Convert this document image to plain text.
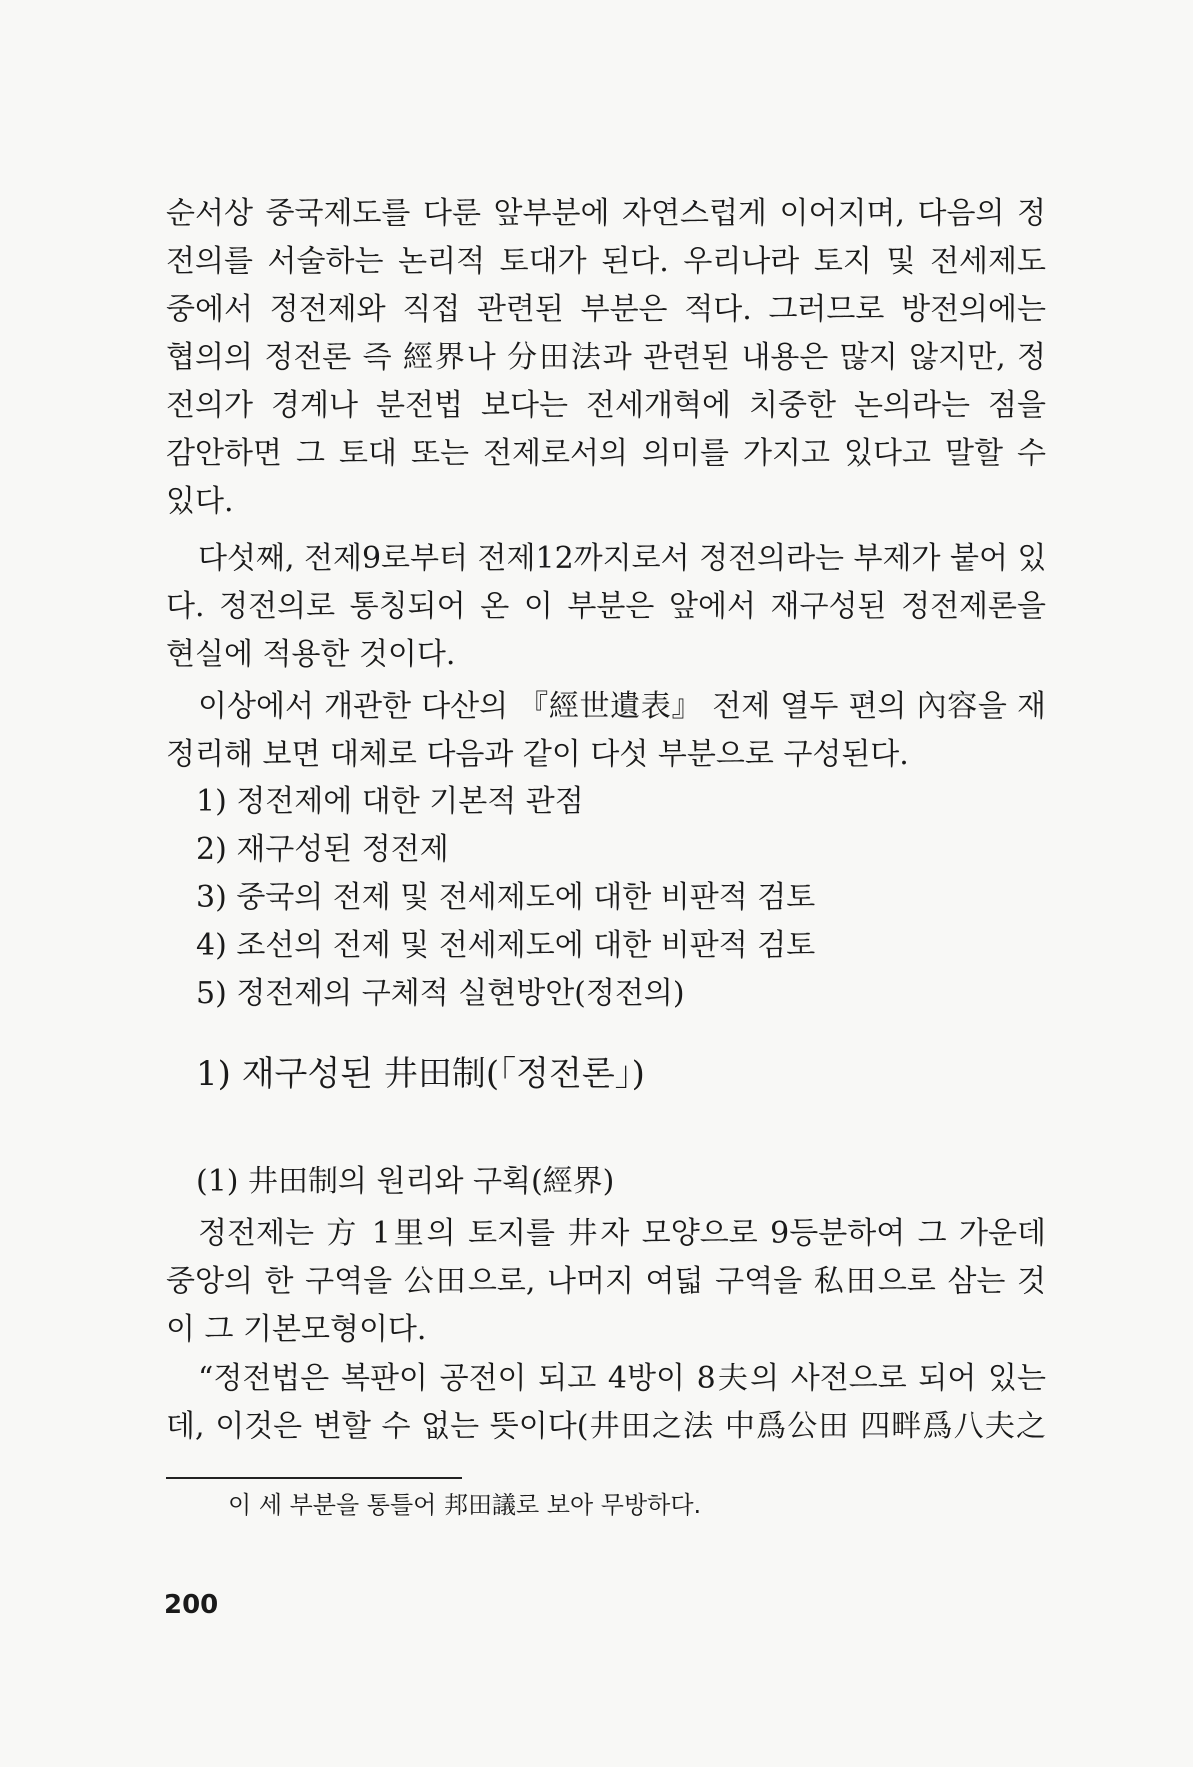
순서상 중국제도를 다룬 앞부분에 자연스럽게 이어지며, 다음의 정
전의를 서술하는 논리적 토대가 된다. 우리나라 토지 및 전세제도
중에서 정전제와 직접 관련된 부분은 적다. 그러므로 방전의에는
협의의 정전론 즉 經界나 分田法과 관련된 내용은 많지 않지만, 정
전의가 경계나 분전법 보다는 전세개혁에 치중한 논의라는 점을
감안하면 그 토대 또는 전제로서의 의미를 가지고 있다고 말할 수
있다.
다섯째, 전제9로부터 전제12까지로서 정전의라는 부제가 붙어 있
다. 정전의로 통칭되어 온 이 부분은 앞에서 재구성된 정전제론을
현실에 적용한 것이다.
이상에서 개관한 다산의 『經世遺表』 전제 열두 편의 內容을 재
정리해 보면 대체로 다음과 같이 다섯 부분으로 구성된다.
1) 정전제에 대한 기본적 관점
2) 재구성된 정전제
3) 중국의 전제 및 전세제도에 대한 비판적 검토
4) 조선의 전제 및 전세제도에 대한 비판적 검토
5) 정전제의 구체적 실현방안(정전의)
1) 재구성된 井田制(「정전론」)
(1) 井田制의 원리와 구획(經界)
정전제는 方 1里의 토지를 井자 모양으로 9등분하여 그 가운데
중앙의 한 구역을 公田으로, 나머지 여덟 구역을 私田으로 삼는 것
이 그 기본모형이다.
“정전법은 복판이 공전이 되고 4방이 8夫의 사전으로 되어 있는
데, 이것은 변할 수 없는 뜻이다(井田之法 中爲公田 四畔爲八夫之
이 세 부분을 통틀어 邦田議로 보아 무방하다.
200
